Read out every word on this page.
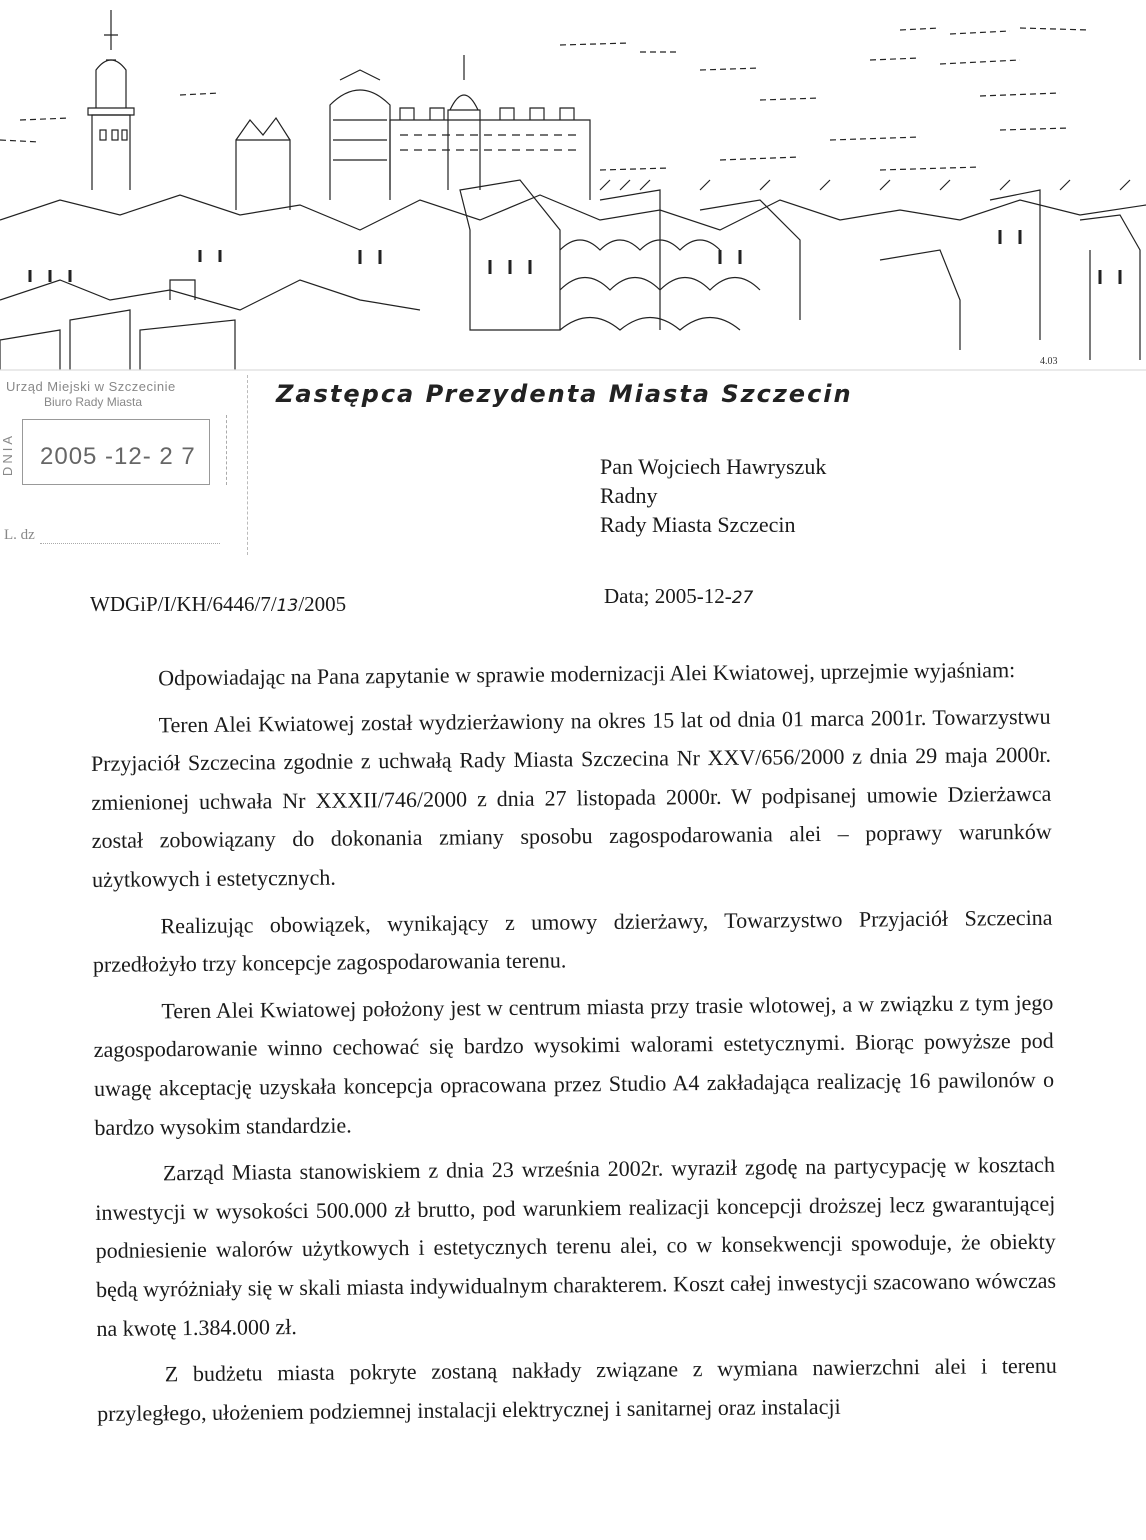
4.03
Urząd Miejski w Szczecinie
Biuro Rady Miasta
DNIA 2005 -12- 2 7
L. dz
Zastępca Prezydenta Miasta Szczecin
Pan Wojciech Hawryszuk
Radny
Rady Miasta Szczecin
WDGiP/I/KH/6446/7/13/2005	Data; 2005-12-27

Odpowiadając na Pana zapytanie w sprawie modernizacji Alei Kwiatowej, uprzejmie wyjaśniam:

Teren Alei Kwiatowej został wydzierżawiony na okres 15 lat od dnia 01 marca 2001r. Towarzystwu Przyjaciół Szczecina zgodnie z uchwałą Rady Miasta Szczecina Nr XXV/656/2000 z dnia 29 maja 2000r. zmienionej uchwała Nr XXXII/746/2000 z dnia 27 listopada 2000r. W podpisanej umowie Dzierżawca został zobowiązany do dokonania zmiany sposobu zagospodarowania alei – poprawy warunków użytkowych i estetycznych.

Realizując obowiązek, wynikający z umowy dzierżawy, Towarzystwo Przyjaciół Szczecina przedłożyło trzy koncepcje zagospodarowania terenu.

Teren Alei Kwiatowej położony jest w centrum miasta przy trasie wlotowej, a w związku z tym jego zagospodarowanie winno cechować się bardzo wysokimi walorami estetycznymi. Biorąc powyższe pod uwagę akceptację uzyskała koncepcja opracowana przez Studio A4 zakładająca realizację 16 pawilonów o bardzo wysokim standardzie.

Zarząd Miasta stanowiskiem z dnia 23 września 2002r. wyraził zgodę na partycypację w kosztach inwestycji w wysokości 500.000 zł brutto, pod warunkiem realizacji koncepcji droższej lecz gwarantującej podniesienie walorów użytkowych i estetycznych terenu alei, co w konsekwencji spowoduje, że obiekty będą wyróżniały się w skali miasta indywidualnym charakterem. Koszt całej inwestycji szacowano wówczas na kwotę 1.384.000 zł.

Z budżetu miasta pokryte zostaną nakłady związane z wymiana nawierzchni alei i terenu przyległego, ułożeniem podziemnej instalacji elektrycznej i sanitarnej oraz instalacji
